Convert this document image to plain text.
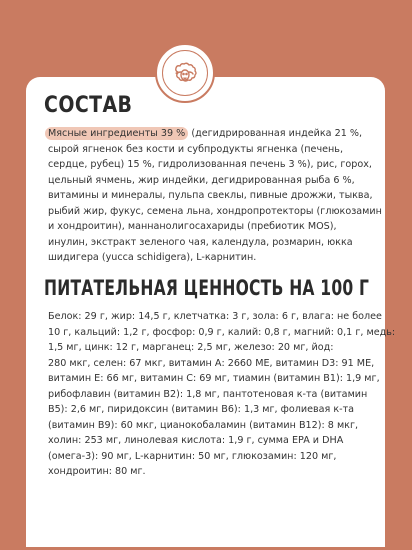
СОСТАВ
Мясные ингредиенты 39 % (дегидрированная индейка 21 %,
сырой ягненок без кости и субпродукты ягненка (печень,
сердце, рубец) 15 %, гидролизованная печень 3 %), рис, горох,
цельный ячмень, жир индейки, дегидрированная рыба 6 %,
витамины и минералы, пульпа свеклы, пивные дрожжи, тыква,
рыбий жир, фукус, семена льна, хондропротекторы (глюкозамин
и хондроитин), маннанолигосахариды (пребиотик MOS),
инулин, экстракт зеленого чая, календула, розмарин, юкка
шидигера (yucca schidigera), L-карнитин.
ПИТАТЕЛЬНАЯ ЦЕННОСТЬ НА 100 Г
Белок: 29 г, жир: 14,5 г, клетчатка: 3 г, зола: 6 г, влага: не более
10 г, кальций: 1,2 г, фосфор: 0,9 г, калий: 0,8 г, магний: 0,1 г, медь:
1,5 мг, цинк: 12 г, марганец: 2,5 мг, железо: 20 мг, йод:
280 мкг, селен: 67 мкг, витамин А: 2660 МЕ, витамин D3: 91 МЕ,
витамин Е: 66 мг, витамин С: 69 мг, тиамин (витамин B1): 1,9 мг,
рибофлавин (витамин B2): 1,8 мг, пантотеновая к-та (витамин
B5): 2,6 мг, пиридоксин (витамин B6): 1,3 мг, фолиевая к-та
(витамин B9): 60 мкг, цианокобаламин (витамин B12): 8 мкг,
холин: 253 мг, линолевая кислота: 1,9 г, сумма EPA и DHA
(омега-3): 90 мг, L-карнитин: 50 мг, глюкозамин: 120 мг,
хондроитин: 80 мг.
